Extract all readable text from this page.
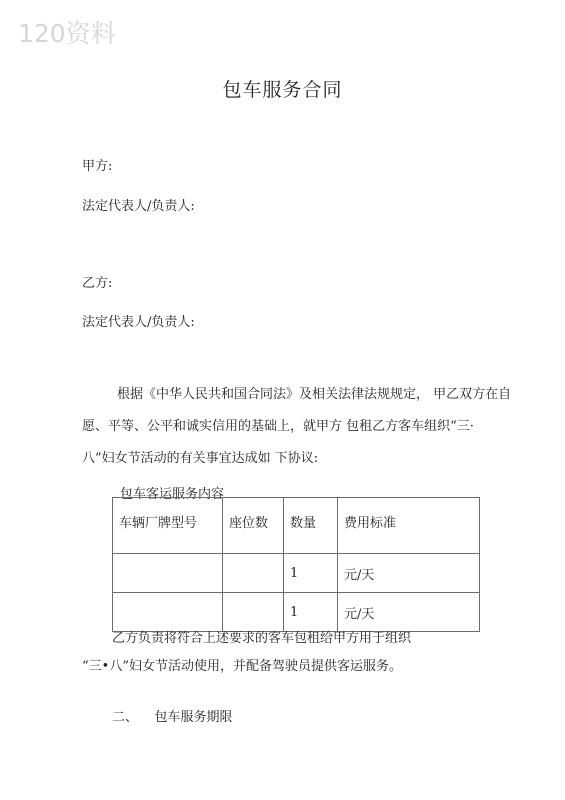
120资料
包车服务合同
甲方:
法定代表人/负责人:
乙方:
法定代表人/负责人:
根据《中华人民共和国合同法》及相关法律法规规定， 甲乙双方在自
愿、平等、公平和诚实信用的基础上，就甲方 包租乙方客车组织“三·
八”妇女节活动的有关事宜达成如 下协议:
包车客运服务内容
车辆厂牌型号	座位数	数量	费用标准
		1	元/天
		1	元/天
乙方负责将符合上述要求的客车包租给甲方用于组织
“三•八”妇女节活动使用，并配备驾驶员提供客运服务。
二、    包车服务期限
